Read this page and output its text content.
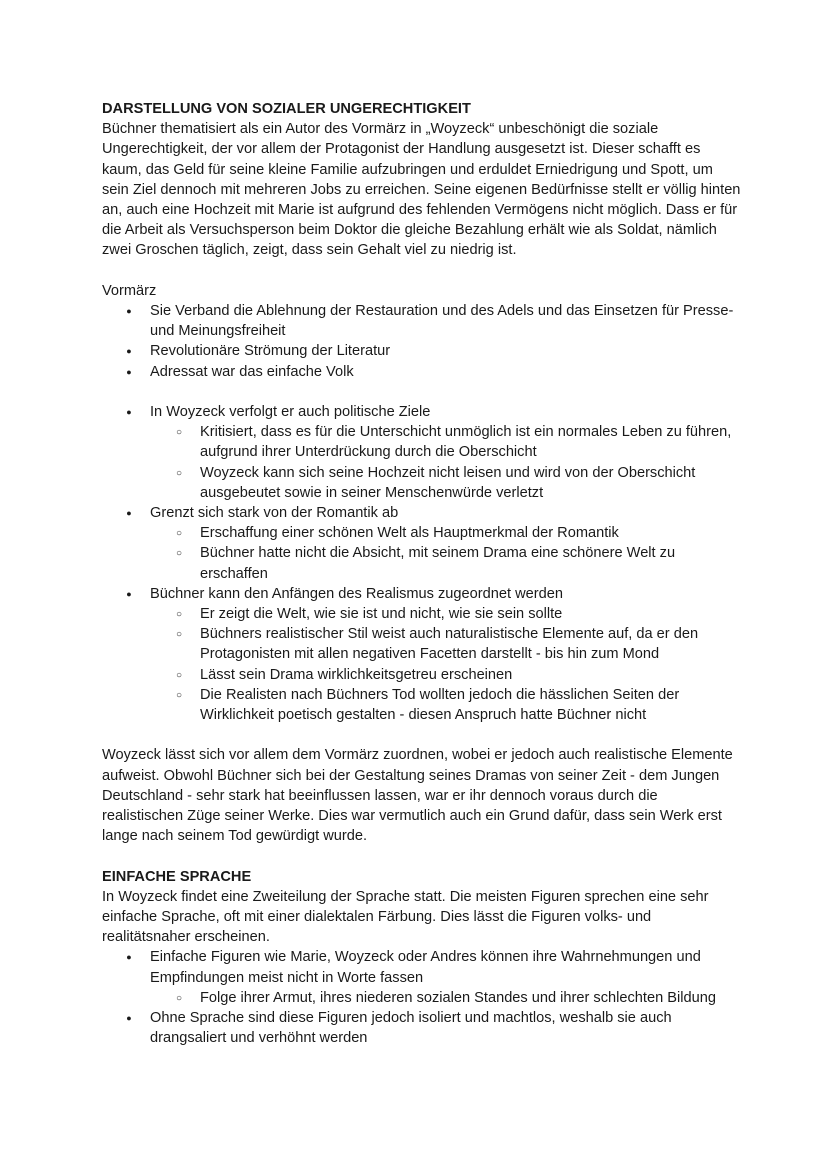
DARSTELLUNG VON SOZIALER UNGERECHTIGKEIT

Büchner thematisiert als ein Autor des Vormärz in „Woyzeck“ unbeschönigt die soziale Ungerechtigkeit, der vor allem der Protagonist der Handlung ausgesetzt ist. Dieser schafft es kaum, das Geld für seine kleine Familie aufzubringen und erduldet Erniedrigung und Spott, um sein Ziel dennoch mit mehreren Jobs zu erreichen. Seine eigenen Bedürfnisse stellt er völlig hinten an, auch eine Hochzeit mit Marie ist aufgrund des fehlenden Vermögens nicht möglich. Dass er für die Arbeit als Versuchsperson beim Doktor die gleiche Bezahlung erhält wie als Soldat, nämlich zwei Groschen täglich, zeigt, dass sein Gehalt viel zu niedrig ist.

Vormärz

●
Sie Verband die Ablehnung der Restauration und des Adels und das Einsetzen für Presse- und Meinungsfreiheit
●
Revolutionäre Strömung der Literatur
●
Adressat war das einfache Volk
●
In Woyzeck verfolgt er auch politische Ziele
○
Kritisiert, dass es für die Unterschicht unmöglich ist ein normales Leben zu führen, aufgrund ihrer Unterdrückung durch die Oberschicht
○
Woyzeck kann sich seine Hochzeit nicht leisen und wird von der Oberschicht ausgebeutet sowie in seiner Menschenwürde verletzt
●
Grenzt sich stark von der Romantik ab
○
Erschaffung einer schönen Welt als Hauptmerkmal der Romantik
○
Büchner hatte nicht die Absicht, mit seinem Drama eine schönere Welt zu erschaffen
●
Büchner kann den Anfängen des Realismus zugeordnet werden
○
Er zeigt die Welt, wie sie ist und nicht, wie sie sein sollte
○
Büchners realistischer Stil weist auch naturalistische Elemente auf, da er den Protagonisten mit allen negativen Facetten darstellt - bis hin zum Mond
○
Lässt sein Drama wirklichkeitsgetreu erscheinen
○
Die Realisten nach Büchners Tod wollten jedoch die hässlichen Seiten der Wirklichkeit poetisch gestalten - diesen Anspruch hatte Büchner nicht

Woyzeck lässt sich vor allem dem Vormärz zuordnen, wobei er jedoch auch realistische Elemente aufweist. Obwohl Büchner sich bei der Gestaltung seines Dramas von seiner Zeit - dem Jungen Deutschland - sehr stark hat beeinflussen lassen, war er ihr dennoch voraus durch die realistischen Züge seiner Werke. Dies war vermutlich auch ein Grund dafür, dass sein Werk erst lange nach seinem Tod gewürdigt wurde.

EINFACHE SPRACHE

In Woyzeck findet eine Zweiteilung der Sprache statt. Die meisten Figuren sprechen eine sehr einfache Sprache, oft mit einer dialektalen Färbung. Dies lässt die Figuren volks- und realitätsnaher erscheinen.

●
Einfache Figuren wie Marie, Woyzeck oder Andres können ihre Wahrnehmungen und Empfindungen meist nicht in Worte fassen
○
Folge ihrer Armut, ihres niederen sozialen Standes und ihrer schlechten Bildung
●
Ohne Sprache sind diese Figuren jedoch isoliert und machtlos, weshalb sie auch drangsaliert und verhöhnt werden
